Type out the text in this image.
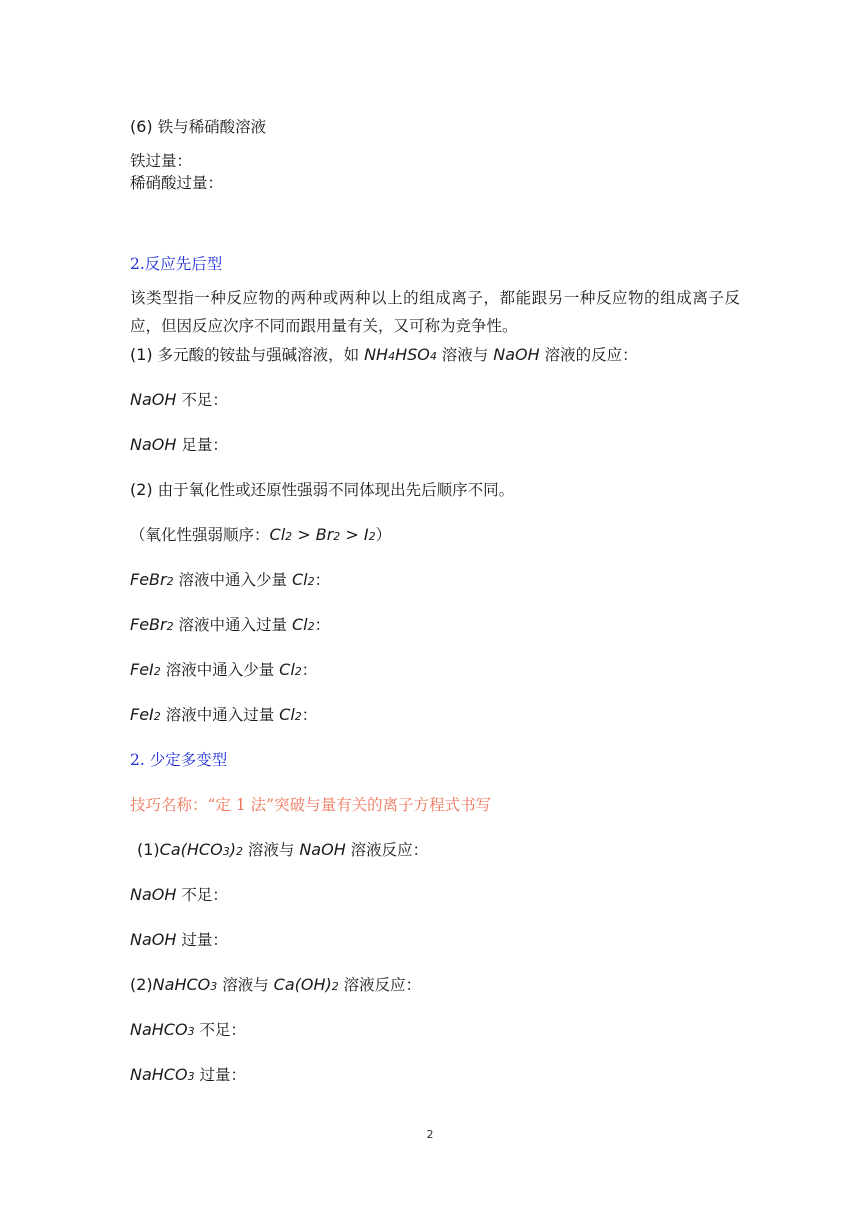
(6) 铁与稀硝酸溶液
铁过量：
稀硝酸过量：
2.反应先后型
该类型指一种反应物的两种或两种以上的组成离子，都能跟另一种反应物的组成离子反应，但因反应次序不同而跟用量有关，又可称为竞争性。
(1) 多元酸的铵盐与强碱溶液，如 NH4HSO4 溶液与 NaOH 溶液的反应：
NaOH 不足：
NaOH 足量：
(2) 由于氧化性或还原性强弱不同体现出先后顺序不同。
（氧化性强弱顺序：Cl2 > Br2 > I2）
FeBr2 溶液中通入少量 Cl2：
FeBr2 溶液中通入过量 Cl2：
FeI2 溶液中通入少量 Cl2：
FeI2 溶液中通入过量 Cl2：
2. 少定多变型
技巧名称：“定 1 法”突破与量有关的离子方程式书写
(1)Ca(HCO3)2 溶液与 NaOH 溶液反应：
NaOH 不足：
NaOH 过量：
(2)NaHCO3 溶液与 Ca(OH)2 溶液反应：
NaHCO3 不足：
NaHCO3 过量：
2
